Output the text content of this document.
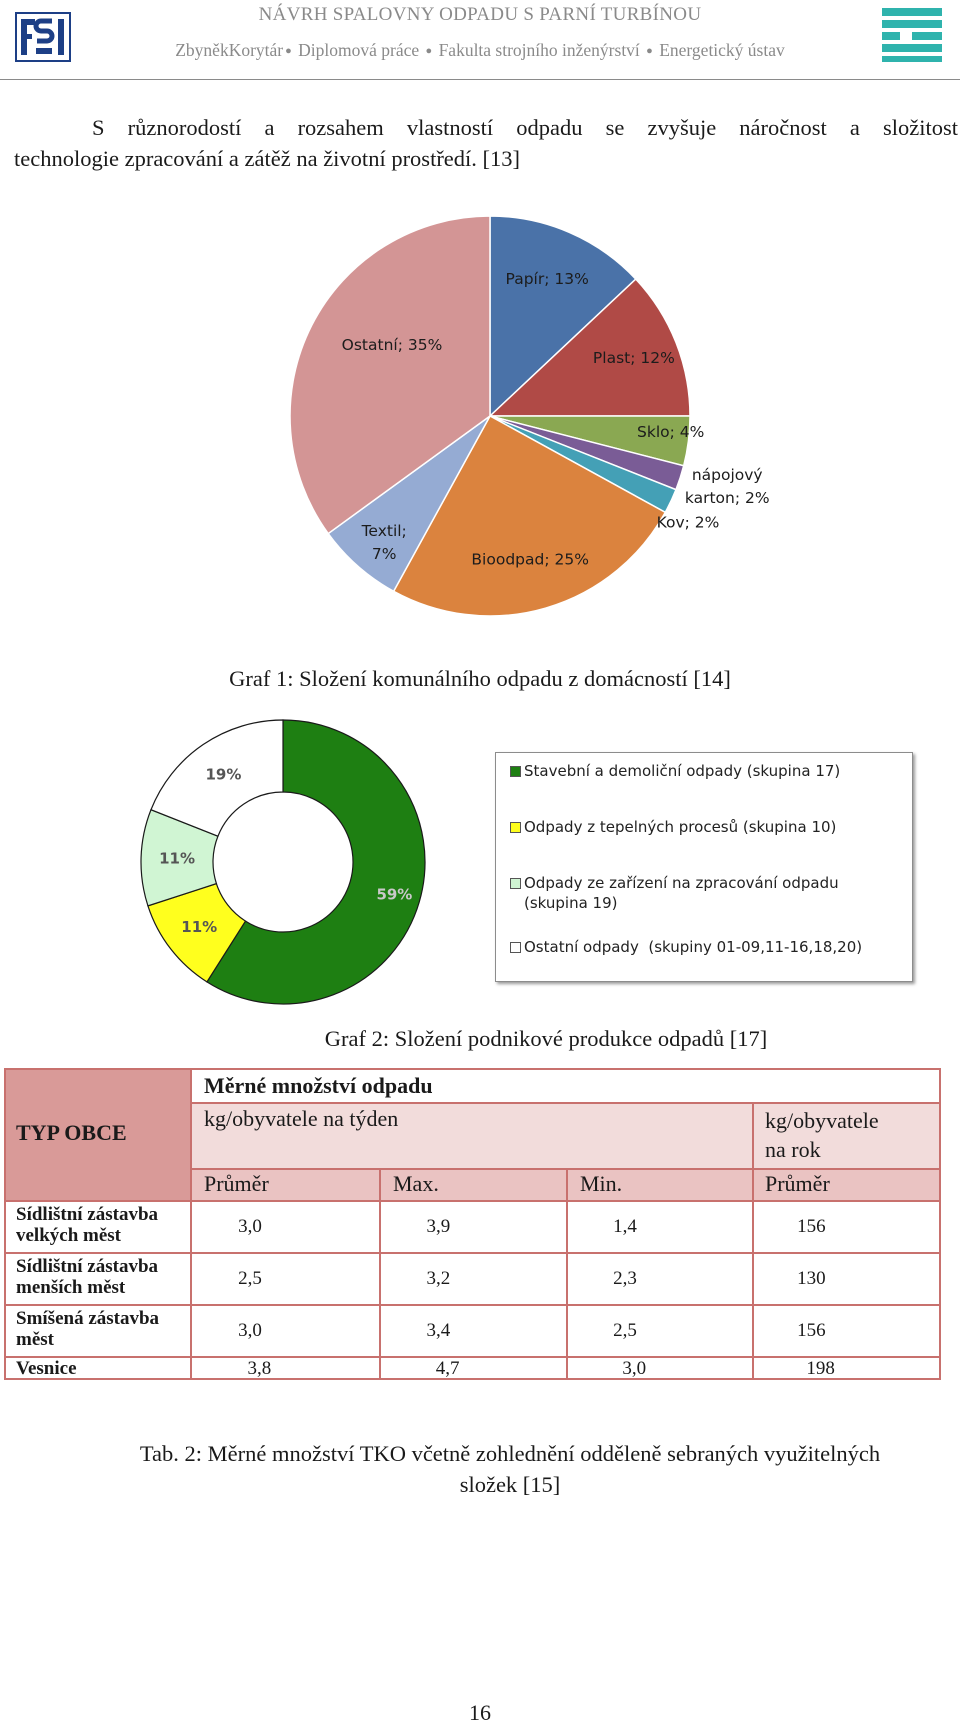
NÁVRH SPALOVNY ODPADU S PARNÍ TURBÍNOU
ZbyněkKorytár ● Diplomová práce ● Fakulta strojního inženýrství ● Energetický ústav
S různorodostí a rozsahem vlastností odpadu se zvyšuje náročnost a složitost
technologie zpracování a zátěž na životní prostředí. [13]
Papír; 13%
Plast; 12%
Sklo; 4%
nápojový karton; 2%
Kov; 2%
Bioodpad; 25%
Textil; 7%
Ostatní; 35%
Graf 1: Složení komunálního odpadu z domácností [14]
59%
11%
11%
19%	Stavební a demoliční odpady (skupina 17)
Odpady z tepelných procesů (skupina 10)
Odpady ze zařízení na zpracování odpadu
(skupina 19)
Ostatní odpady  (skupiny 01-09,11-16,18,20)
Graf 2: Složení podnikové produkce odpadů [17]
TYP OBCE
Měrné množství odpadu
kg/obyvatele na týden	kg/obyvatele
na rok
Průměr	Max.	Min.	Průměr
Sídlištní zástavba
velkých měst	3,0	3,9	1,4	156
Sídlištní zástavba
menších měst	2,5	3,2	2,3	130
Smíšená zástavba
měst	3,0	3,4	2,5	156
Vesnice	3,8	4,7	3,0	198
Tab. 2: Měrné množství TKO včetně zohlednění odděleně sebraných využitelných
složek [15]
16
